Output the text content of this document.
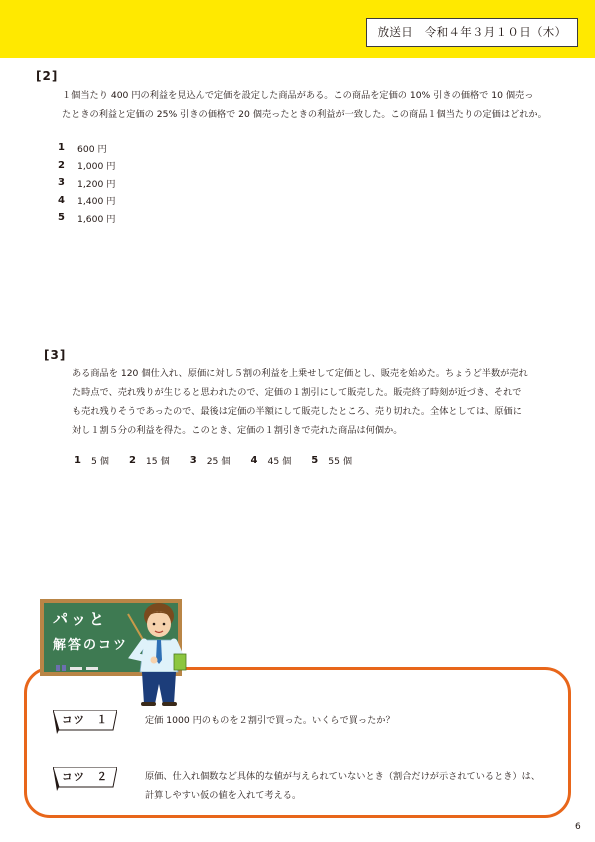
放送日　令和４年３月１０日（木）
[2]
１個当たり 400 円の利益を見込んで定価を設定した商品がある。この商品を定価の 10% 引きの価格で 10 個売っ
たときの利益と定価の 25% 引きの価格で 20 個売ったときの利益が一致した。この商品１個当たりの定価はどれか。
1	600 円
2	1,000 円
3	1,200 円
4	1,400 円
5	1,600 円
[3]
ある商品を 120 個仕入れ、原価に対し５割の利益を上乗せして定価とし、販売を始めた。ちょうど半数が売れ
た時点で、売れ残りが生じると思われたので、定価の１割引にして販売した。販売終了時刻が近づき、それで
も売れ残りそうであったので、最後は定価の半額にして販売したところ、売り切れた。全体としては、原価に
対し１割５分の利益を得た。このとき、定価の１割引きで売れた商品は何個か。
1 5 個 2 15 個 3 25 個 4 45 個 5 55 個
コツ　１	定価 1000 円のものを２割引で買った。いくらで買ったか？
コツ　２	原価、仕入れ個数など具体的な値が与えられていないとき（割合だけが示されているとき）は、
計算しやすい仮の値を入れて考える。
パッと
解答のコツ
6
